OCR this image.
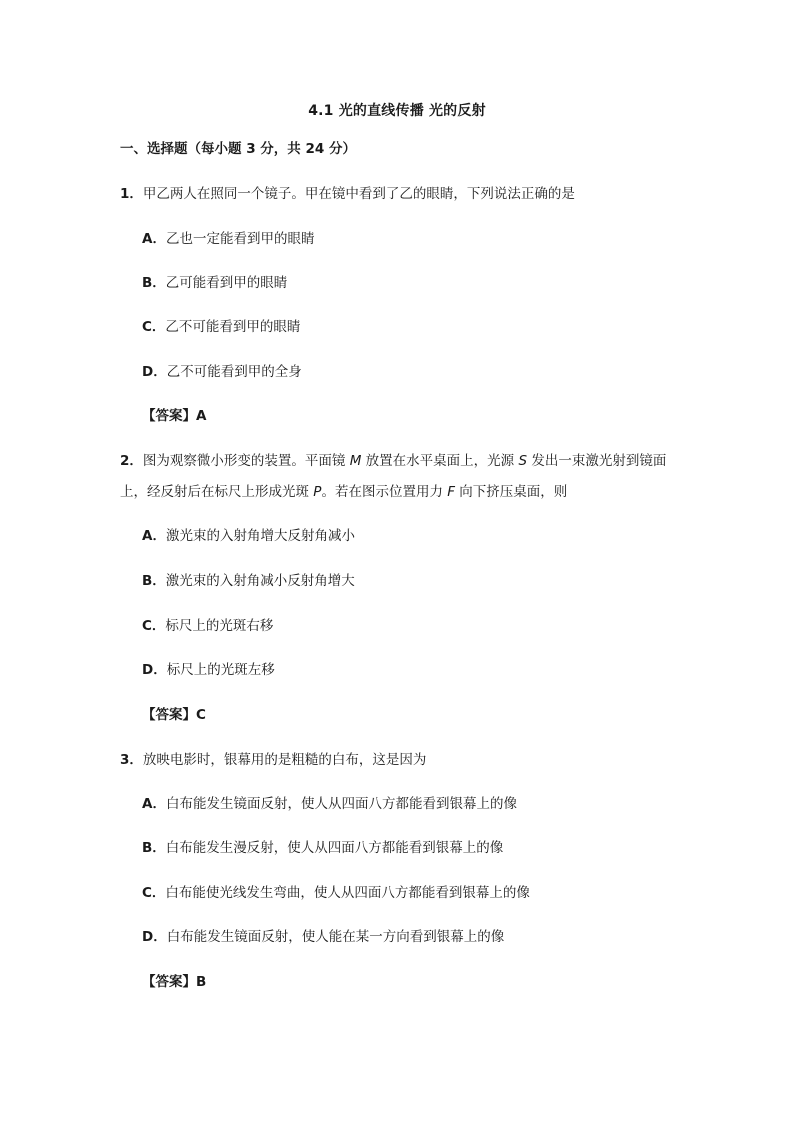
4.1 光的直线传播 光的反射
一、选择题（每小题 3 分，共 24 分）
1．甲乙两人在照同一个镜子。甲在镜中看到了乙的眼睛，下列说法正确的是
A．乙也一定能看到甲的眼睛
B．乙可能看到甲的眼睛
C．乙不可能看到甲的眼睛
D．乙不可能看到甲的全身
【答案】A
2．图为观察微小形变的装置。平面镜 M 放置在水平桌面上，光源 S 发出一束激光射到镜面
上，经反射后在标尺上形成光斑 P。若在图示位置用力 F 向下挤压桌面，则
A．激光束的入射角增大反射角减小
B．激光束的入射角减小反射角增大
C．标尺上的光斑右移
D．标尺上的光斑左移
【答案】C
3．放映电影时，银幕用的是粗糙的白布，这是因为
A．白布能发生镜面反射，使人从四面八方都能看到银幕上的像
B．白布能发生漫反射，使人从四面八方都能看到银幕上的像
C．白布能使光线发生弯曲，使人从四面八方都能看到银幕上的像
D．白布能发生镜面反射，使人能在某一方向看到银幕上的像
【答案】B
